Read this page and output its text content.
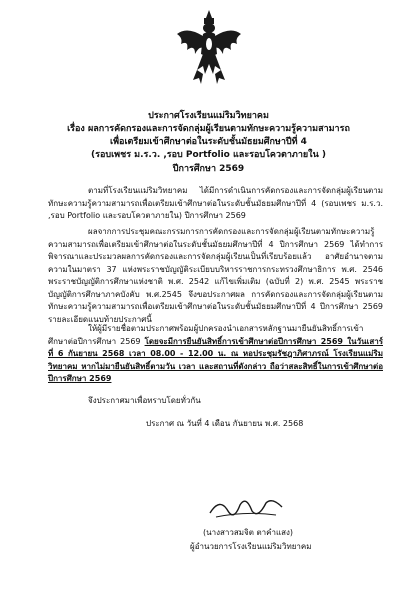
ประกาศโรงเรียนแม่ริมวิทยาคม
เรื่อง ผลการคัดกรองและการจัดกลุ่มผู้เรียนตามทักษะความรู้ความสามารถ
เพื่อเตรียมเข้าศึกษาต่อในระดับชั้นมัธยมศึกษาปีที่ 4
(รอบเพชร ม.ร.ว. ,รอบ Portfolio และรอบโควตาภายใน )
ปีการศึกษา 2569
ตามที่โรงเรียนแม่ริมวิทยาคม ได้มีการดำเนินการคัดกรองและการจัดกลุ่มผู้เรียนตามทักษะความรู้ความสามารถเพื่อเตรียมเข้าศึกษาต่อในระดับชั้นมัธยมศึกษาปีที่ 4 (รอบเพชร ม.ร.ว. ,รอบ Portfolio และรอบโควตาภายใน) ปีการศึกษา 2569
ผลจากการประชุมคณะกรรมการการคัดกรองและการจัดกลุ่มผู้เรียนตามทักษะความรู้ความสามารถเพื่อเตรียมเข้าศึกษาต่อในระดับชั้นมัธยมศึกษาปีที่ 4 ปีการศึกษา 2569 ได้ทำการพิจารณาและประมวลผลการคัดกรองและการจัดกลุ่มผู้เรียนเป็นที่เรียบร้อยแล้ว อาศัยอำนาจตามความในมาตรา 37 แห่งพระราชบัญญัติระเบียบบริหารราชการกระทรวงศึกษาธิการ พ.ศ. 2546 พระราชบัญญัติการศึกษาแห่งชาติ พ.ศ. 2542 แก้ไขเพิ่มเติม (ฉบับที่ 2) พ.ศ. 2545 พระราชบัญญัติการศึกษาภาคบังคับ พ.ศ.2545 จึงขอประกาศผล การคัดกรองและการจัดกลุ่มผู้เรียนตามทักษะความรู้ความสามารถเพื่อเตรียมเข้าศึกษาต่อในระดับชั้นมัธยมศึกษาปีที่ 4 ปีการศึกษา 2569 รายละเอียดแนบท้ายประกาศนี้
ให้ผู้มีรายชื่อตามประกาศพร้อมผู้ปกครองนำเอกสารหลักฐานมายืนยันสิทธิ์การเข้าศึกษาต่อปีการศึกษา 2569 โดยจะมีการยืนยันสิทธิ์การเข้าศึกษาต่อปีการศึกษา 2569 ในวันเสาร์ ที่ 6 กันยายน 2568 เวลา 08.00 - 12.00 น. ณ หอประชุมรัชฎาภิศาภรณ์ โรงเรียนแม่ริมวิทยาคม หากไม่มายืนยันสิทธิ์ตามวัน เวลา และสถานที่ดังกล่าว ถือว่าสละสิทธิ์ในการเข้าศึกษาต่อปีการศึกษา 2569
จึงประกาศมาเพื่อทราบโดยทั่วกัน
ประกาศ ณ วันที่ 4 เดือน กันยายน พ.ศ. 2568
(นางสาวสมจิต ตาคำแสง)
ผู้อำนวยการโรงเรียนแม่ริมวิทยาคม
